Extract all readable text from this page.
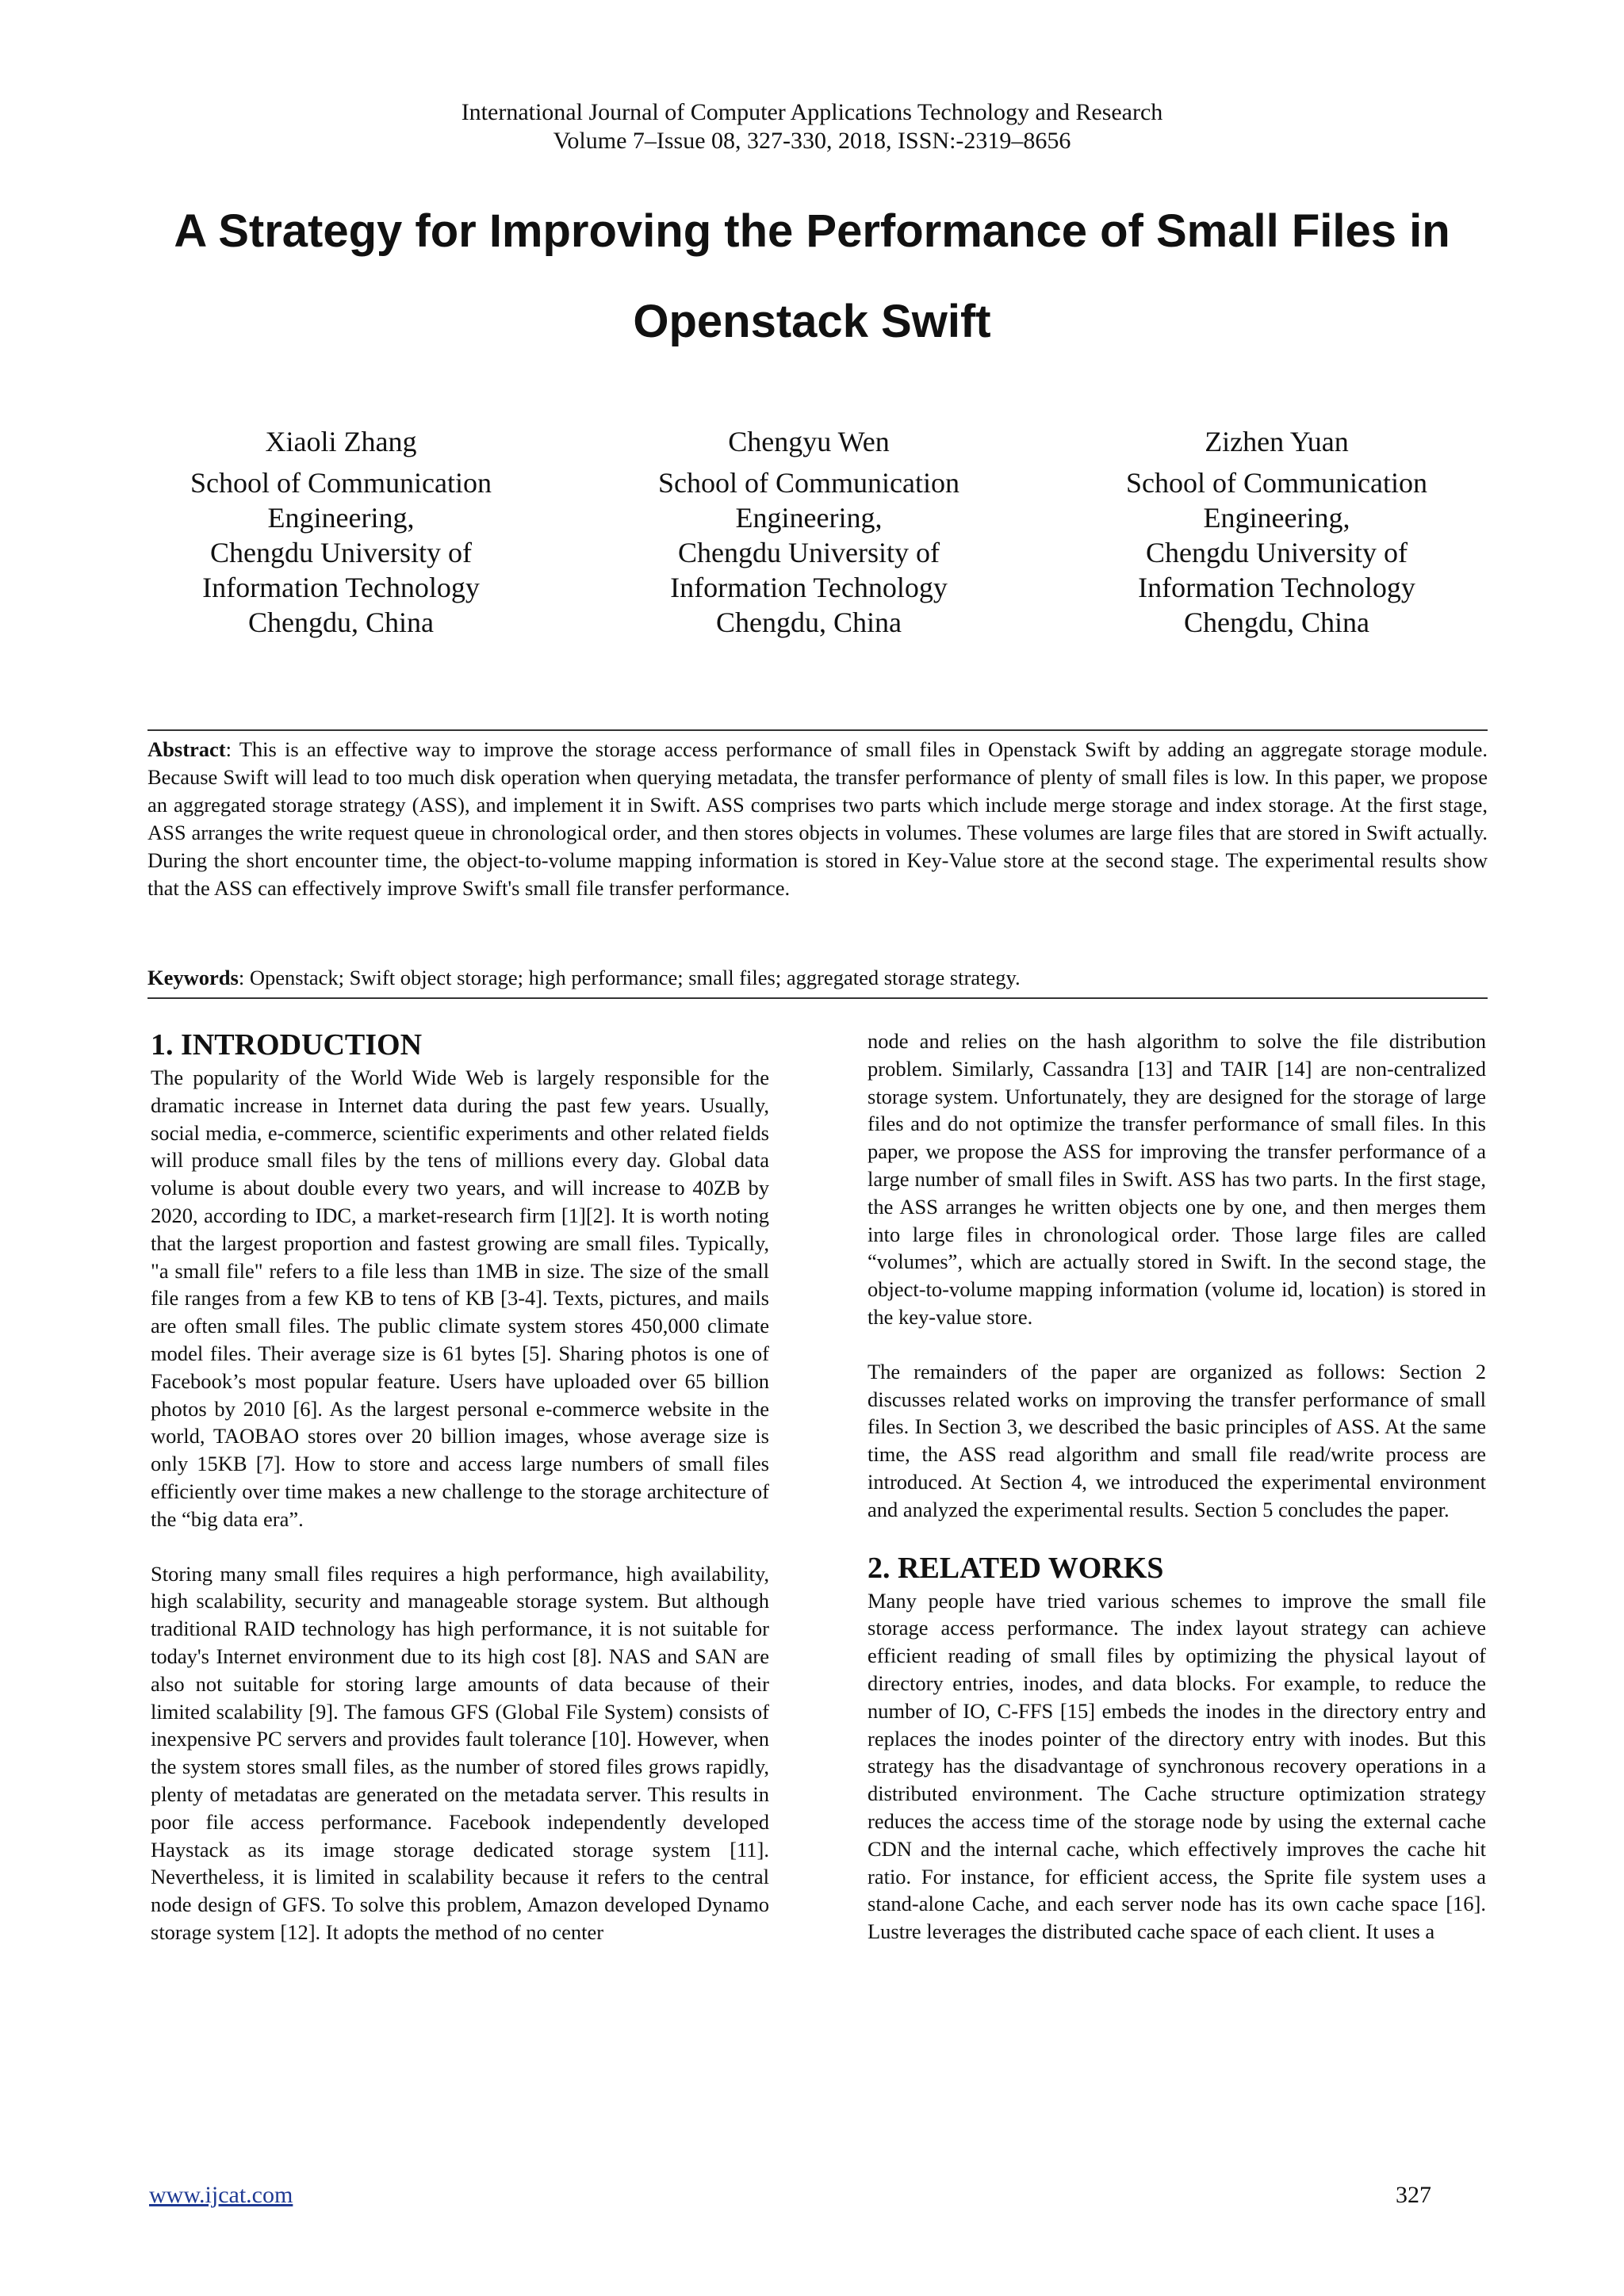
International Journal of Computer Applications Technology and Research
Volume 7–Issue 08, 327-330, 2018, ISSN:-2319–8656
A Strategy for Improving the Performance of Small Files in Openstack Swift
Xiaoli Zhang
School of Communication
Engineering,
Chengdu University of
Information Technology
Chengdu, China
Chengyu Wen
School of Communication
Engineering,
Chengdu University of
Information Technology
Chengdu, China
Zizhen Yuan
School of Communication
Engineering,
Chengdu University of
Information Technology
Chengdu, China

Abstract: This is an effective way to improve the storage access performance of small files in Openstack Swift by adding an aggregate storage module. Because Swift will lead to too much disk operation when querying metadata, the transfer performance of plenty of small files is low. In this paper, we propose an aggregated storage strategy (ASS), and implement it in Swift. ASS comprises two parts which include merge storage and index storage. At the first stage, ASS arranges the write request queue in chronological order, and then stores objects in volumes. These volumes are large files that are stored in Swift actually. During the short encounter time, the object-to-volume mapping information is stored in Key-Value store at the second stage. The experimental results show that the ASS can effectively improve Swift's small file transfer performance.

Keywords: Openstack; Swift object storage; high performance; small files; aggregated storage strategy.

1. INTRODUCTION

The popularity of the World Wide Web is largely responsible for the dramatic increase in Internet data during the past few years. Usually, social media, e-commerce, scientific experiments and other related fields will produce small files by the tens of millions every day. Global data volume is about double every two years, and will increase to 40ZB by 2020, according to IDC, a market-research firm [1][2]. It is worth noting that the largest proportion and fastest growing are small files. Typically, "a small file" refers to a file less than 1MB in size. The size of the small file ranges from a few KB to tens of KB [3-4]. Texts, pictures, and mails are often small files. The public climate system stores 450,000 climate model files. Their average size is 61 bytes [5]. Sharing photos is one of Facebook’s most popular feature. Users have uploaded over 65 billion photos by 2010 [6]. As the largest personal e-commerce website in the world, TAOBAO stores over 20 billion images, whose average size is only 15KB [7]. How to store and access large numbers of small files efficiently over time makes a new challenge to the storage architecture of the “big data era”.

Storing many small files requires a high performance, high availability, high scalability, security and manageable storage system. But although traditional RAID technology has high performance, it is not suitable for today's Internet environment due to its high cost [8]. NAS and SAN are also not suitable for storing large amounts of data because of their limited scalability [9]. The famous GFS (Global File System) consists of inexpensive PC servers and provides fault tolerance [10]. However, when the system stores small files, as the number of stored files grows rapidly, plenty of metadatas are generated on the metadata server. This results in poor file access performance. Facebook independently developed Haystack as its image storage dedicated storage system [11]. Nevertheless, it is limited in scalability because it refers to the central node design of GFS. To solve this problem, Amazon developed Dynamo storage system [12]. It adopts the method of no center

node and relies on the hash algorithm to solve the file distribution problem. Similarly, Cassandra [13] and TAIR [14] are non-centralized storage system. Unfortunately, they are designed for the storage of large files and do not optimize the transfer performance of small files. In this paper, we propose the ASS for improving the transfer performance of a large number of small files in Swift. ASS has two parts. In the first stage, the ASS arranges he written objects one by one, and then merges them into large files in chronological order. Those large files are called “volumes”, which are actually stored in Swift. In the second stage, the object-to-volume mapping information (volume id, location) is stored in the key-value store.

The remainders of the paper are organized as follows: Section 2 discusses related works on improving the transfer performance of small files. In Section 3, we described the basic principles of ASS. At the same time, the ASS read algorithm and small file read/write process are introduced. At Section 4, we introduced the experimental environment and analyzed the experimental results. Section 5 concludes the paper.

2. RELATED WORKS

Many people have tried various schemes to improve the small file storage access performance. The index layout strategy can achieve efficient reading of small files by optimizing the physical layout of directory entries, inodes, and data blocks. For example, to reduce the number of IO, C-FFS [15] embeds the inodes in the directory entry and replaces the inodes pointer of the directory entry with inodes. But this strategy has the disadvantage of synchronous recovery operations in a distributed environment. The Cache structure optimization strategy reduces the access time of the storage node by using the external cache CDN and the internal cache, which effectively improves the cache hit ratio. For instance, for efficient access, the Sprite file system uses a stand-alone Cache, and each server node has its own cache space [16]. Lustre leverages the distributed cache space of each client. It uses a

www.ijcat.com	327
